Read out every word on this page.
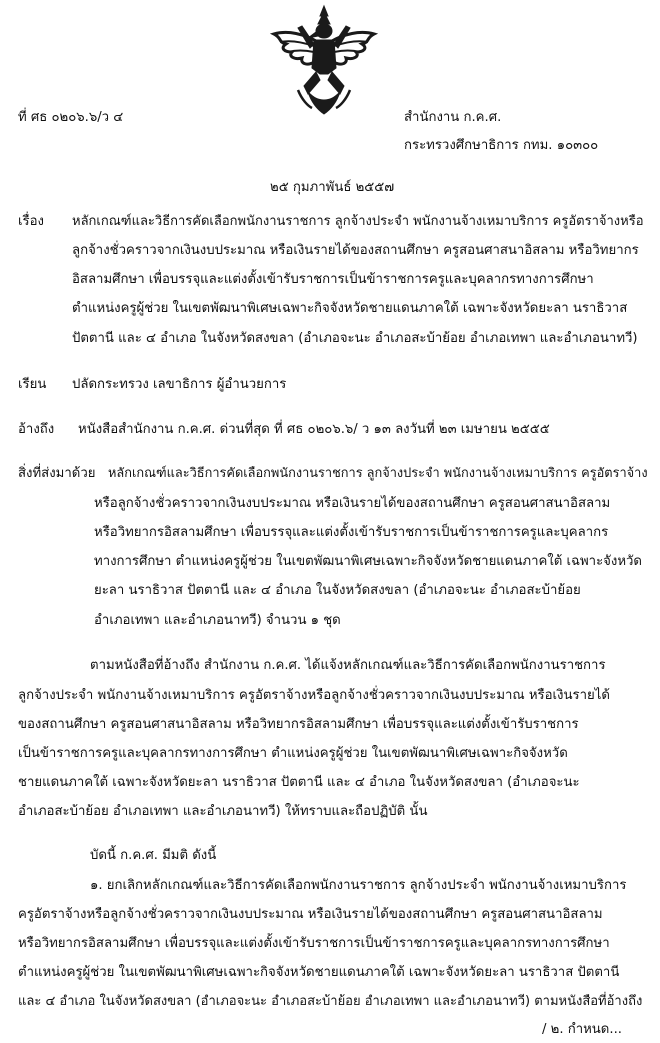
ที่ ศธ ๐๒๐๖.๖/ว ๔	สำนักงาน ก.ค.ศ.
กระทรวงศึกษาธิการ กทม. ๑๐๓๐๐
๒๕ กุมภาพันธ์ ๒๕๕๗
เรื่อง หลักเกณฑ์และวิธีการคัดเลือกพนักงานราชการ ลูกจ้างประจำ พนักงานจ้างเหมาบริการ ครูอัตราจ้างหรือ
ลูกจ้างชั่วคราวจากเงินงบประมาณ หรือเงินรายได้ของสถานศึกษา ครูสอนศาสนาอิสลาม หรือวิทยากร
อิสลามศึกษา เพื่อบรรจุและแต่งตั้งเข้ารับราชการเป็นข้าราชการครูและบุคลากรทางการศึกษา
ตำแหน่งครูผู้ช่วย ในเขตพัฒนาพิเศษเฉพาะกิจจังหวัดชายแดนภาคใต้ เฉพาะจังหวัดยะลา นราธิวาส
ปัตตานี และ ๔ อำเภอ ในจังหวัดสงขลา (อำเภอจะนะ อำเภอสะบ้าย้อย อำเภอเทพา และอำเภอนาทวี)
เรียน ปลัดกระทรวง เลขาธิการ ผู้อำนวยการ
อ้างถึง หนังสือสำนักงาน ก.ค.ศ. ด่วนที่สุด ที่ ศธ ๐๒๐๖.๖/ ว ๑๓ ลงวันที่ ๒๓ เมษายน ๒๕๕๕
สิ่งที่ส่งมาด้วย หลักเกณฑ์และวิธีการคัดเลือกพนักงานราชการ ลูกจ้างประจำ พนักงานจ้างเหมาบริการ ครูอัตราจ้าง
หรือลูกจ้างชั่วคราวจากเงินงบประมาณ หรือเงินรายได้ของสถานศึกษา ครูสอนศาสนาอิสลาม
หรือวิทยากรอิสลามศึกษา เพื่อบรรจุและแต่งตั้งเข้ารับราชการเป็นข้าราชการครูและบุคลากร
ทางการศึกษา ตำแหน่งครูผู้ช่วย ในเขตพัฒนาพิเศษเฉพาะกิจจังหวัดชายแดนภาคใต้ เฉพาะจังหวัด
ยะลา นราธิวาส ปัตตานี และ ๔ อำเภอ ในจังหวัดสงขลา (อำเภอจะนะ อำเภอสะบ้าย้อย
อำเภอเทพา และอำเภอนาทวี) จำนวน ๑ ชุด
ตามหนังสือที่อ้างถึง สำนักงาน ก.ค.ศ. ได้แจ้งหลักเกณฑ์และวิธีการคัดเลือกพนักงานราชการ
ลูกจ้างประจำ พนักงานจ้างเหมาบริการ ครูอัตราจ้างหรือลูกจ้างชั่วคราวจากเงินงบประมาณ หรือเงินรายได้
ของสถานศึกษา ครูสอนศาสนาอิสลาม หรือวิทยากรอิสลามศึกษา เพื่อบรรจุและแต่งตั้งเข้ารับราชการ
เป็นข้าราชการครูและบุคลากรทางการศึกษา ตำแหน่งครูผู้ช่วย ในเขตพัฒนาพิเศษเฉพาะกิจจังหวัด
ชายแดนภาคใต้ เฉพาะจังหวัดยะลา นราธิวาส ปัตตานี และ ๔ อำเภอ ในจังหวัดสงขลา (อำเภอจะนะ
อำเภอสะบ้าย้อย อำเภอเทพา และอำเภอนาทวี) ให้ทราบและถือปฏิบัติ นั้น
บัดนี้ ก.ค.ศ. มีมติ ดังนี้
๑. ยกเลิกหลักเกณฑ์และวิธีการคัดเลือกพนักงานราชการ ลูกจ้างประจำ พนักงานจ้างเหมาบริการ
ครูอัตราจ้างหรือลูกจ้างชั่วคราวจากเงินงบประมาณ หรือเงินรายได้ของสถานศึกษา ครูสอนศาสนาอิสลาม
หรือวิทยากรอิสลามศึกษา เพื่อบรรจุและแต่งตั้งเข้ารับราชการเป็นข้าราชการครูและบุคลากรทางการศึกษา
ตำแหน่งครูผู้ช่วย ในเขตพัฒนาพิเศษเฉพาะกิจจังหวัดชายแดนภาคใต้ เฉพาะจังหวัดยะลา นราธิวาส ปัตตานี
และ ๔ อำเภอ ในจังหวัดสงขลา (อำเภอจะนะ อำเภอสะบ้าย้อย อำเภอเทพา และอำเภอนาทวี) ตามหนังสือที่อ้างถึง
/ ๒. กำหนด...
